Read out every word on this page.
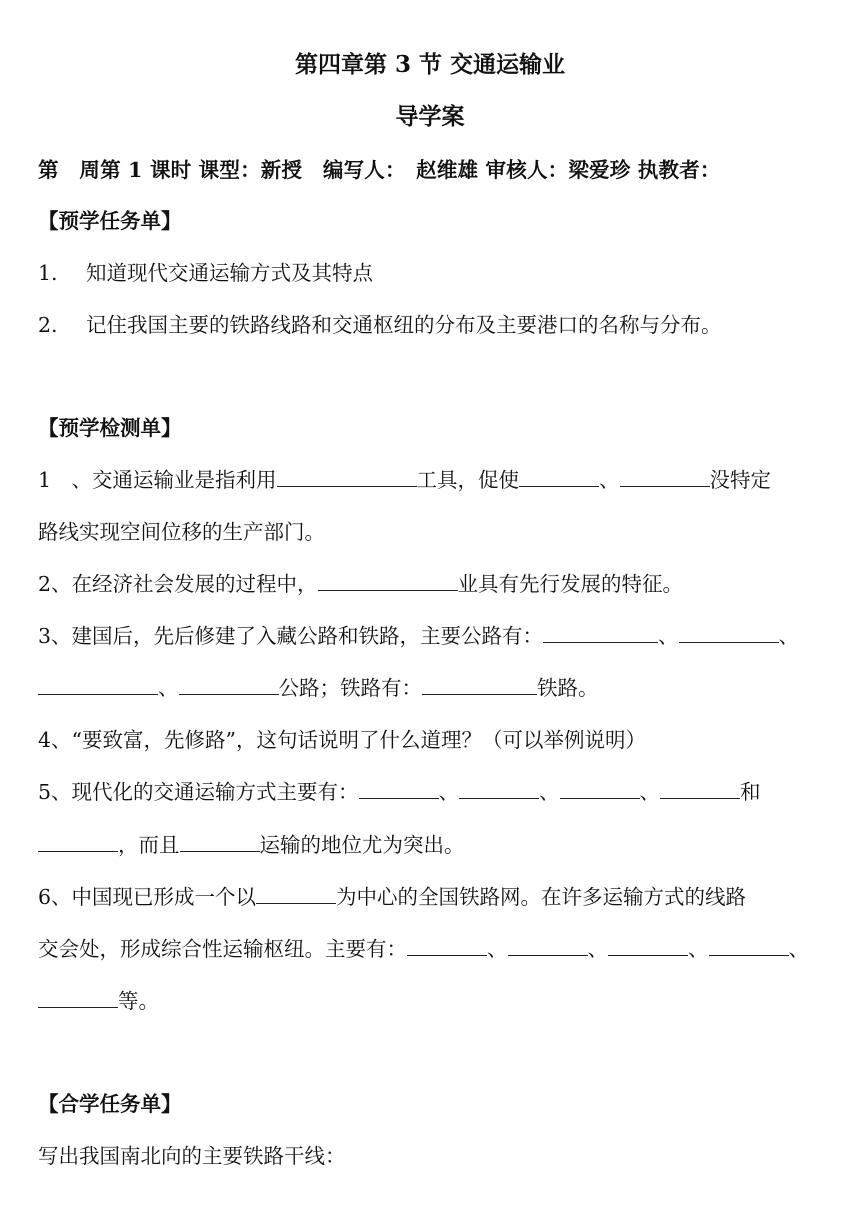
第四章第 3 节 交通运输业
导学案
第　周第 1 课时 课型：新授　编写人：　赵维雄 审核人：梁爱珍 执教者：
【预学任务单】
1. 知道现代交通运输方式及其特点
2. 记住我国主要的铁路线路和交通枢纽的分布及主要港口的名称与分布。
【预学检测单】
1　、交通运输业是指利用	工具，促使	、	没特定
路线实现空间位移的生产部门。
2、在经济社会发展的过程中，	业具有先行发展的特征。
3、建国后，先后修建了入藏公路和铁路，主要公路有：	、	、
、	公路；铁路有：	铁路。
4、“要致富，先修路”，这句话说明了什么道理？（可以举例说明）
5、现代化的交通运输方式主要有：	、	、	、	和
，而且	运输的地位尤为突出。
6、中国现已形成一个以	为中心的全国铁路网。在许多运输方式的线路
交会处，形成综合性运输枢纽。主要有：	、	、	、	、
等。
【合学任务单】
写出我国南北向的主要铁路干线：
